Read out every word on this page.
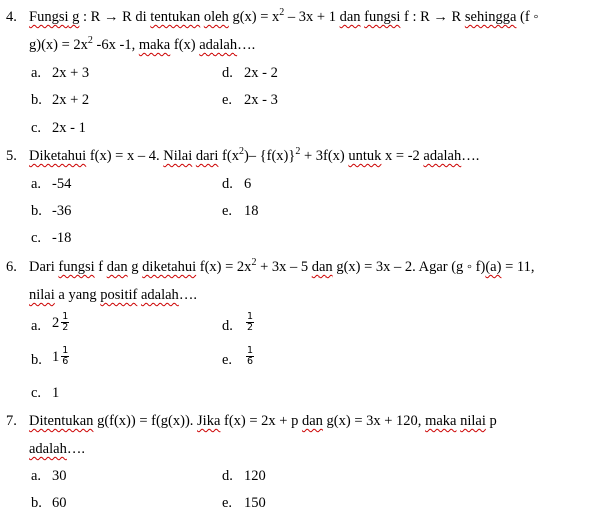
4. Fungsi g : R → R di tentukan oleh $g(x) = x^2 - 3x + 1$ dan fungsi f : R → R sehingga (f ◦
$g)(x) = 2x^2$ -6x -1, maka f(x) adalah….
a. 2x + 3	d. 2x - 2
b. 2x + 2	e. 2x - 3
c. 2x - 1
5. Diketahui f(x) = x – 4. Nilai dari $f(x^2)-$ $\{f(x)\}^2 + 3f(x)$ untuk x = -2 adalah….
a. -54	d. 6
b. -36	e. 18
c. -18
6. Dari fungsi f dan g diketahui $f(x) = 2x^2 + 3x - 5$ dan g(x) = 3x – 2. Agar (g ◦ f)(a) = 11,
nilai a yang positif adalah….
a. $2 \frac{1}{2}$	d. $\frac{1}{2}$
b. $1 \frac{1}{6}$	e. $\frac{1}{6}$
c. 1
7. Ditentukan g(f(x)) = f(g(x)). Jika f(x) = 2x + p dan g(x) = 3x + 120, maka nilai p
adalah….
a. 30	d. 120
b. 60	e. 150
